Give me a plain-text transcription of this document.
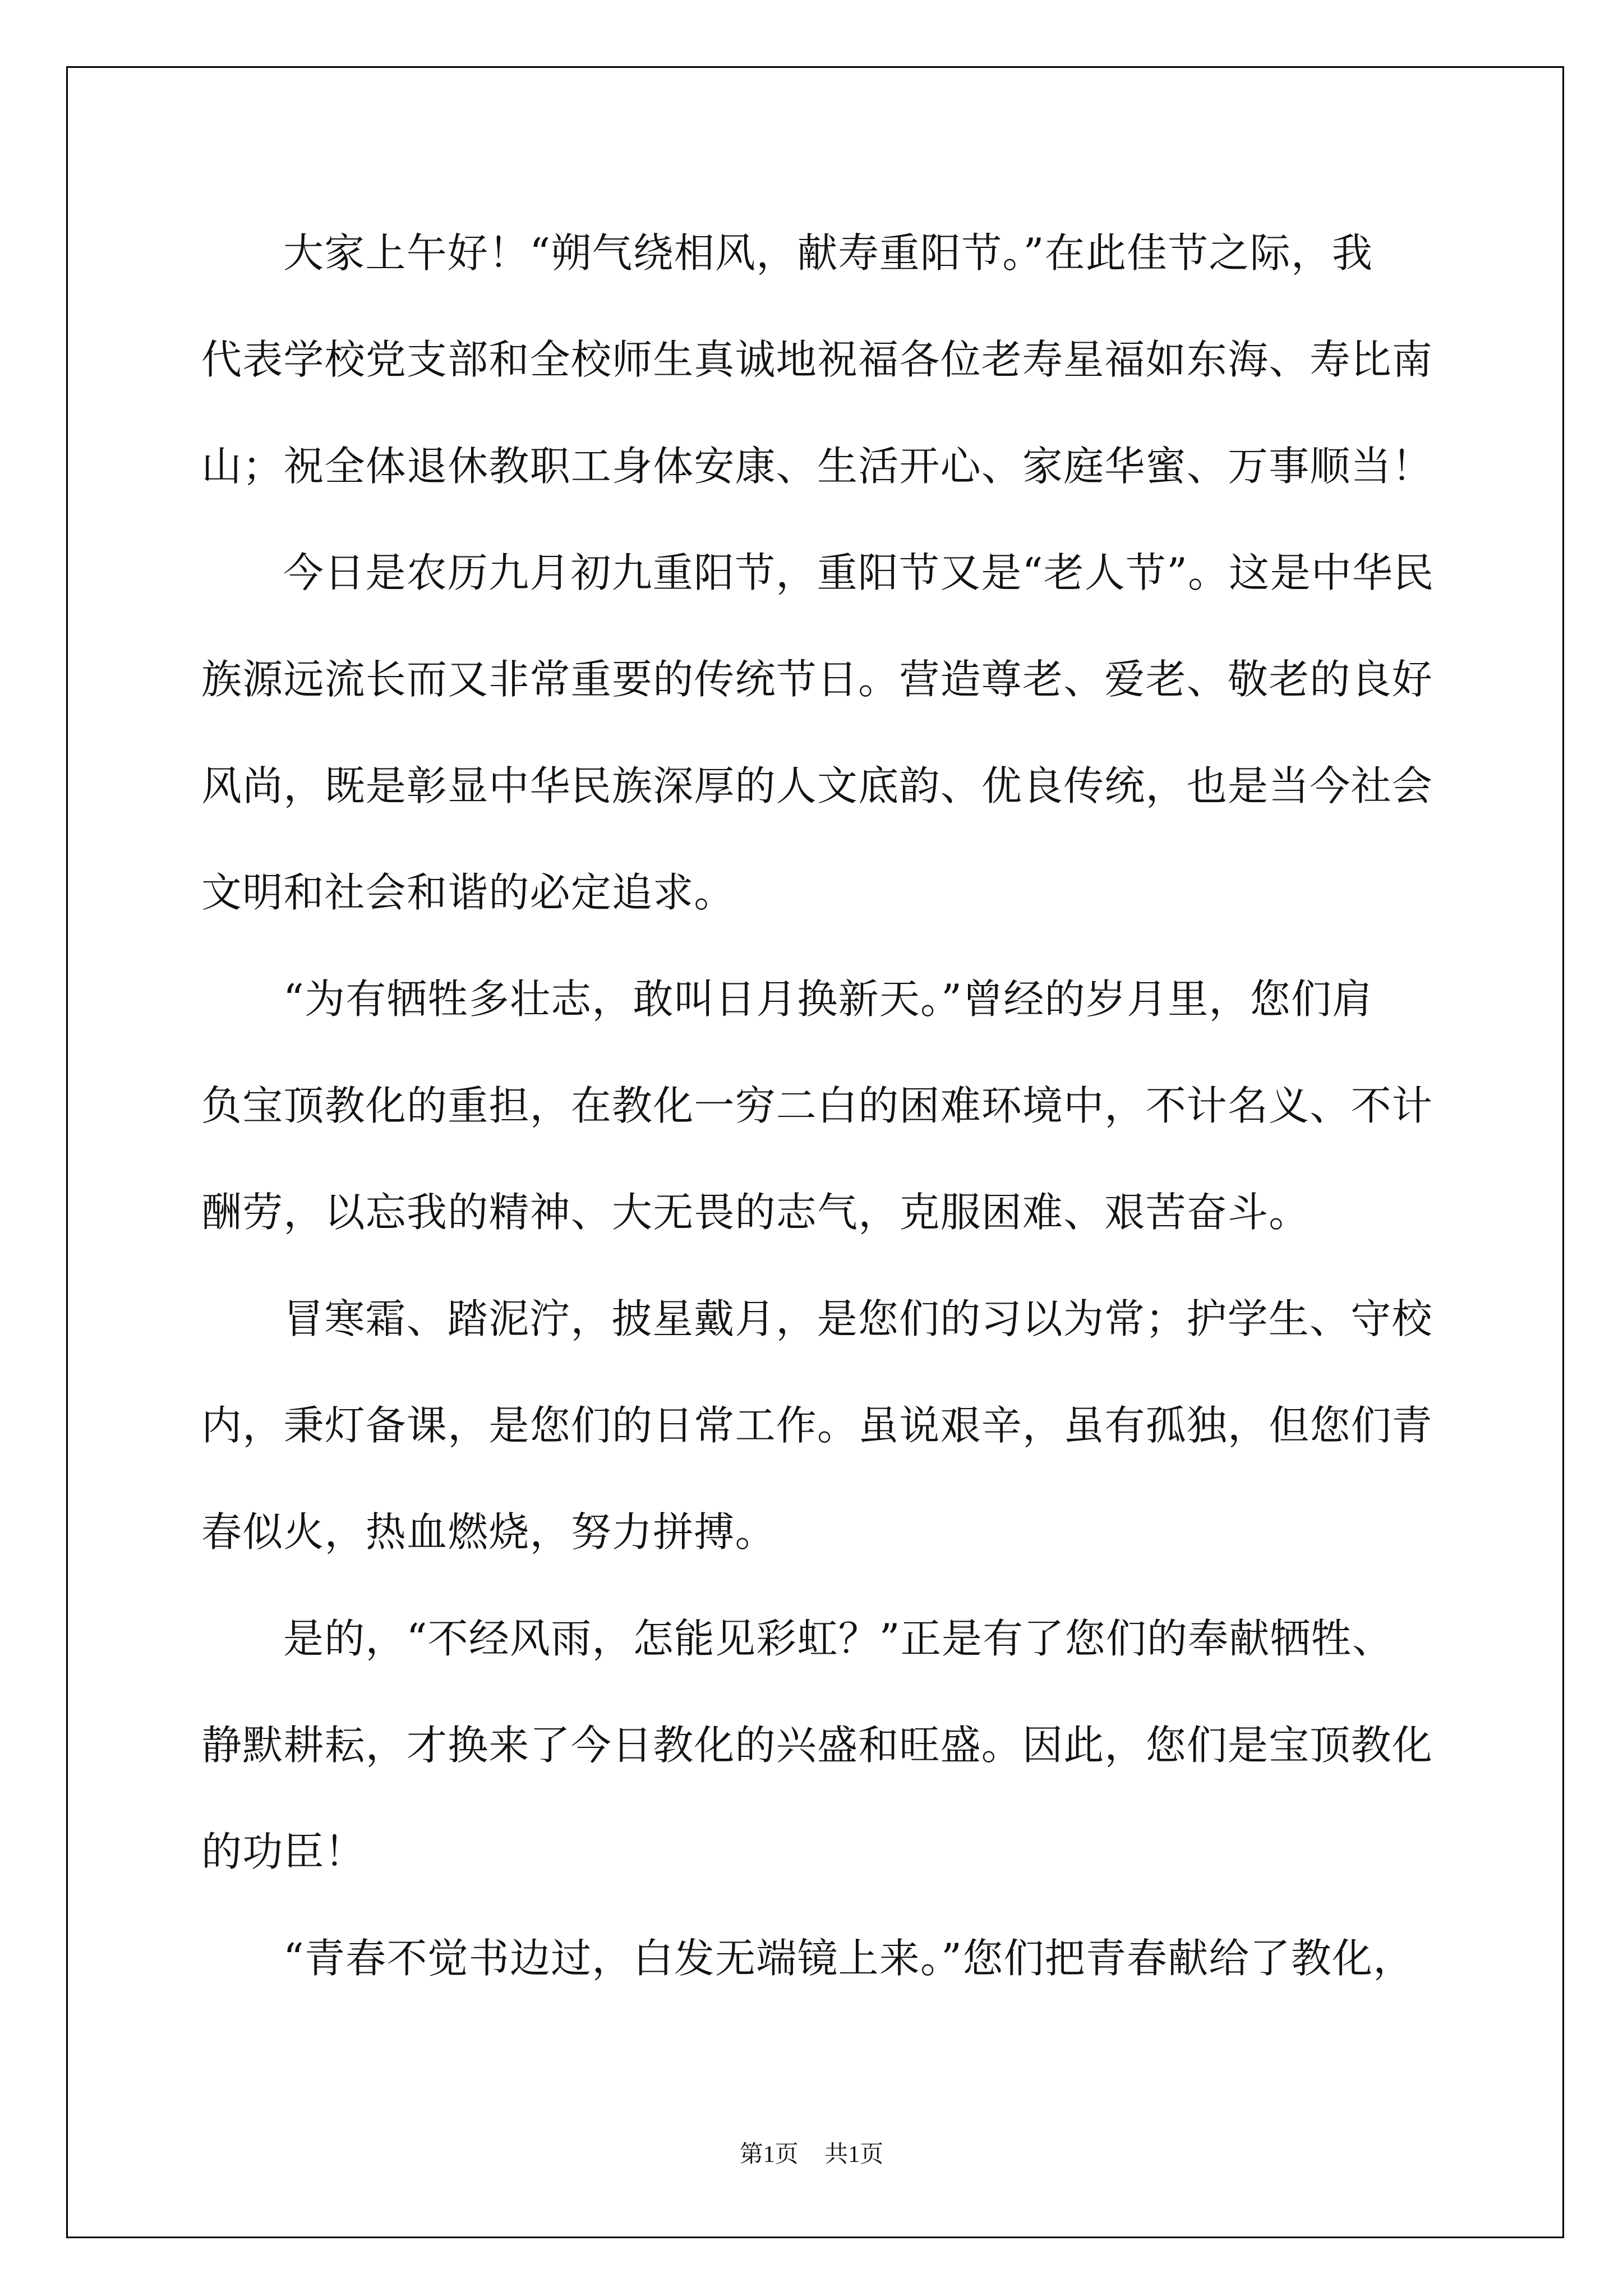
大家上午好！“朔气绕相风，献寿重阳节。”在此佳节之际，我
代表学校党支部和全校师生真诚地祝福各位老寿星福如东海、寿比南
山；祝全体退休教职工身体安康、生活开心、家庭华蜜、万事顺当！
今日是农历九月初九重阳节，重阳节又是“老人节”。这是中华民
族源远流长而又非常重要的传统节日。营造尊老、爱老、敬老的良好
风尚，既是彰显中华民族深厚的人文底韵、优良传统，也是当今社会
文明和社会和谐的必定追求。
“为有牺牲多壮志，敢叫日月换新天。”曾经的岁月里，您们肩
负宝顶教化的重担，在教化一穷二白的困难环境中，不计名义、不计
酬劳，以忘我的精神、大无畏的志气，克服困难、艰苦奋斗。
冒寒霜、踏泥泞，披星戴月，是您们的习以为常；护学生、守校
内，秉灯备课，是您们的日常工作。虽说艰辛，虽有孤独，但您们青
春似火，热血燃烧，努力拼搏。
是的，“不经风雨，怎能见彩虹？”正是有了您们的奉献牺牲、
静默耕耘，才换来了今日教化的兴盛和旺盛。因此，您们是宝顶教化
的功臣！
“青春不觉书边过，白发无端镜上来。”您们把青春献给了教化，
第1页 共1页
